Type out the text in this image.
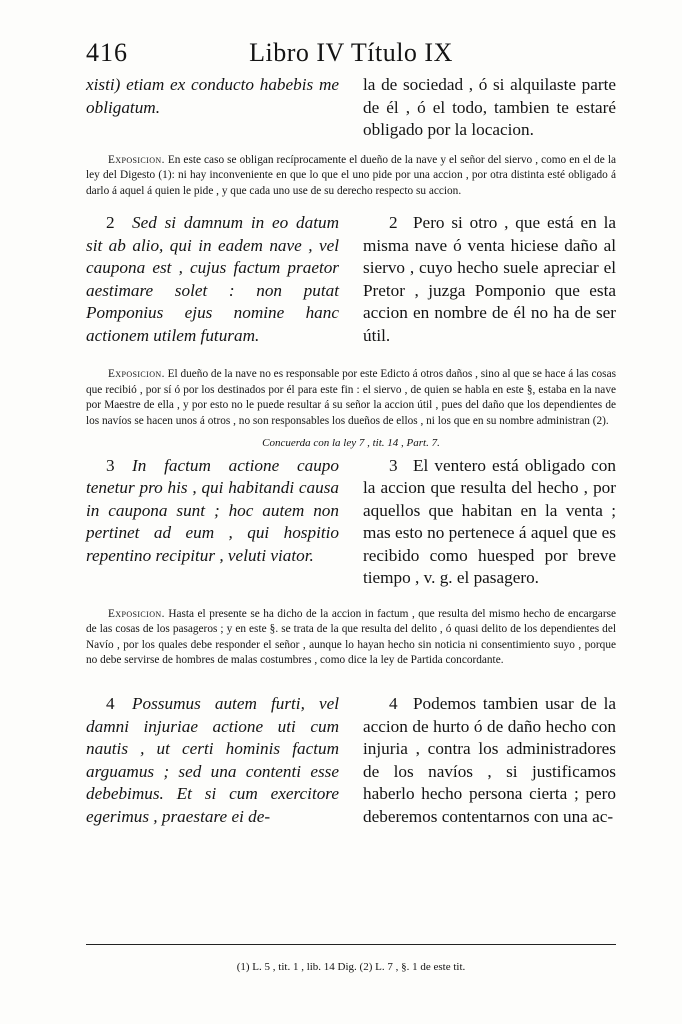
416	Libro IV Título IX
xisti) etiam ex conducto habebis me obligatum.
la de sociedad , ó si alquilaste parte de él , ó el todo, tambien te estaré obligado por la locacion.
Exposicion. En este caso se obligan recíprocamente el dueño de la nave y el señor del siervo , como en el de la ley del Digesto (1): ni hay inconveniente en que lo que el uno pide por una accion , por otra distinta esté obligado á darlo á aquel á quien le pide , y que cada uno use de su derecho respecto su accion.
2 Sed si damnum in eo datum sit ab alio, qui in eadem nave , vel caupona est , cujus factum praetor aestimare solet : non putat Pomponius ejus nomine hanc actionem utilem futuram.
2 Pero si otro , que está en la misma nave ó venta hiciese daño al siervo , cuyo hecho suele apreciar el Pretor , juzga Pomponio que esta accion en nombre de él no ha de ser útil.
Exposicion. El dueño de la nave no es responsable por este Edicto á otros daños , sino al que se hace á las cosas que recibió , por sí ó por los destinados por él para este fin : el siervo , de quien se habla en este §, estaba en la nave por Maestre de ella , y por esto no le puede resultar á su señor la accion útil , pues del daño que los dependientes de los navíos se hacen unos á otros , no son responsables los dueños de ellos , ni los que en su nombre administran (2).
Concuerda con la ley 7 , tit. 14 , Part. 7.
3 In factum actione caupo tenetur pro his , qui habitandi causa in caupona sunt ; hoc autem non pertinet ad eum , qui hospitio repentino recipitur , veluti viator.
3 El ventero está obligado con la accion que resulta del hecho , por aquellos que habitan en la venta ; mas esto no pertenece á aquel que es recibido como huesped por breve tiempo , v. g. el pasagero.
Exposicion. Hasta el presente se ha dicho de la accion in factum , que resulta del mismo hecho de encargarse de las cosas de los pasageros ; y en este §. se trata de la que resulta del delito , ó quasi delito de los dependientes del Navío , por los quales debe responder el señor , aunque lo hayan hecho sin noticia ni consentimiento suyo , porque no debe servirse de hombres de malas costumbres , como dice la ley de Partida concordante.
4 Possumus autem furti, vel damni injuriae actione uti cum nautis , ut certi hominis factum arguamus ; sed una contenti esse debebimus. Et si cum exercitore egerimus , praestare ei de-
4 Podemos tambien usar de la accion de hurto ó de daño hecho con injuria , contra los administradores de los navíos , si justificamos haberlo hecho persona cierta ; pero deberemos contentarnos con una ac-
(1) L. 5 , tit. 1 , lib. 14 Dig. (2) L. 7 , §. 1 de este tit.
